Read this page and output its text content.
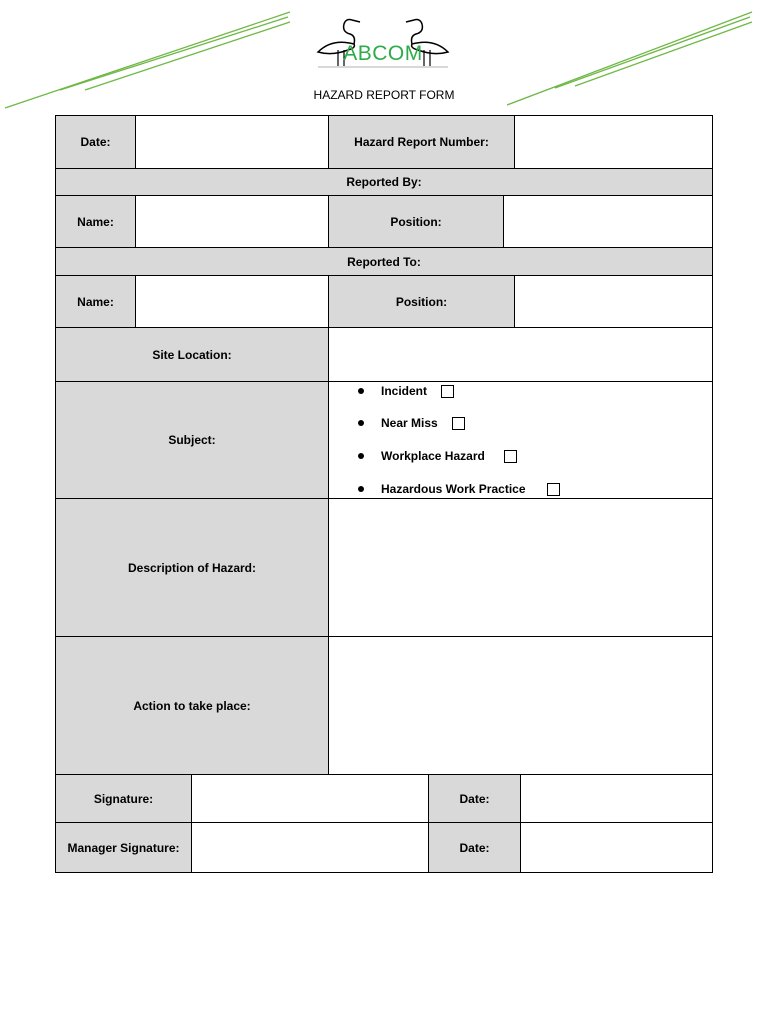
ABCOM
HAZARD REPORT FORM
Date:	Hazard Report Number:
Reported By:
Name:	Position:
Reported To:
Name:	Position:
Site Location:
Subject:
Incident
Near Miss
Workplace Hazard
Hazardous Work Practice
Description of Hazard:
Action to take place:
Signature:	Date:
Manager Signature:	Date:
